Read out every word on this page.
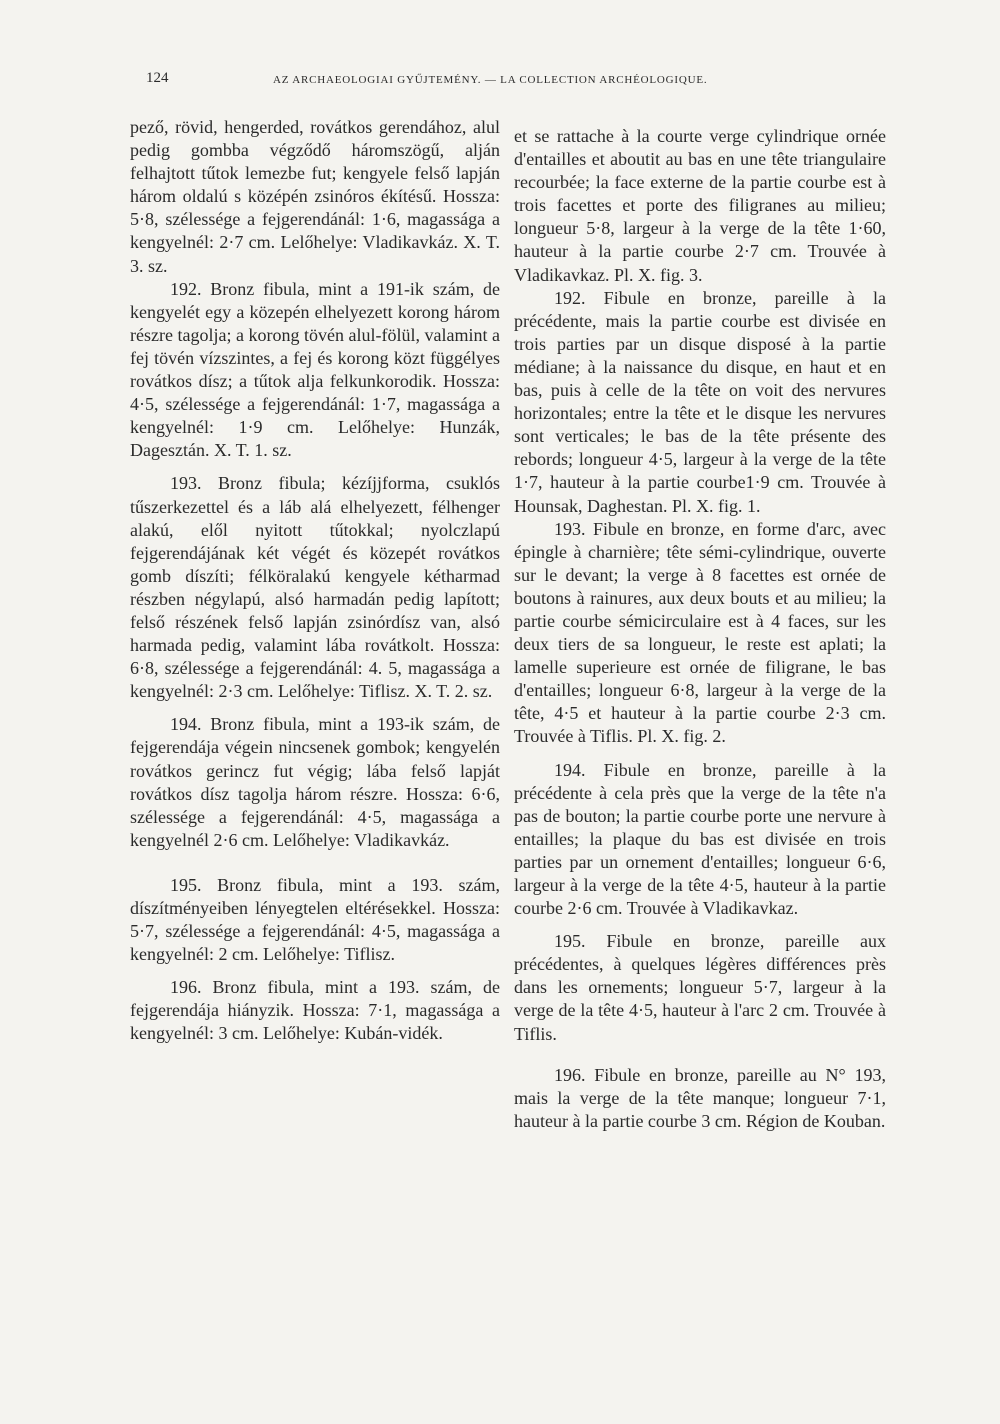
124	AZ ARCHAEOLOGIAI GYŰJTEMÉNY. — LA COLLECTION ARCHÉOLOGIQUE.

pező, rövid, hengerded, rovátkos gerendához, alul pedig gombba végződő háromszögű, alján felhajtott tűtok lemezbe fut; kengyele felső lapján három oldalú s középén zsinóros ékítésű. Hossza: 5·8, szélessége a fejgerendánál: 1·6, magassága a kengyelnél: 2·7 cm. Lelőhelye: Vladikavkáz. X. T. 3. sz.

192. Bronz fibula, mint a 191-ik szám, de kengyelét egy a közepén elhelyezett korong három részre tagolja; a korong tövén alul-fölül, valamint a fej tövén vízszintes, a fej és korong közt függélyes rovátkos dísz; a tűtok alja felkunkorodik. Hossza: 4·5, szélessége a fejgerendánál: 1·7, magassága a kengyelnél: 1·9 cm. Lelőhelye: Hunzák, Dagesztán. X. T. 1. sz.

193. Bronz fibula; kézíjjforma, csuklós tűszerkezettel és a láb alá elhelyezett, félhenger alakú, elől nyitott tűtokkal; nyolczlapú fejgerendájának két végét és közepét rovátkos gomb díszíti; félköralakú kengyele kétharmad részben négylapú, alsó harmadán pedig lapított; felső részének felső lapján zsinórdísz van, alsó harmada pedig, valamint lába rovátkolt. Hossza: 6·8, szélessége a fejgerendánál: 4. 5, magassága a kengyelnél: 2·3 cm. Lelőhelye: Tiflisz. X. T. 2. sz.

194. Bronz fibula, mint a 193-ik szám, de fejgerendája végein nincsenek gombok; kengyelén rovátkos gerincz fut végig; lába felső lapját rovátkos dísz tagolja három részre. Hossza: 6·6, szélessége a fejgerendánál: 4·5, magassága a kengyelnél 2·6 cm. Lelőhelye: Vladikavkáz.

195. Bronz fibula, mint a 193. szám, díszítményeiben lényegtelen eltérésekkel. Hossza: 5·7, szélessége a fejgerendánál: 4·5, magassága a kengyelnél: 2 cm. Lelőhelye: Tiflisz.

196. Bronz fibula, mint a 193. szám, de fejgerendája hiányzik. Hossza: 7·1, magassága a kengyelnél: 3 cm. Lelőhelye: Kubán-vidék.

et se rattache à la courte verge cylindrique ornée d'entailles et aboutit au bas en une tête triangulaire recourbée; la face externe de la partie courbe est à trois facettes et porte des filigranes au milieu; longueur 5·8, largeur à la verge de la tête 1·60, hauteur à la partie courbe 2·7 cm. Trouvée à Vladikavkaz. Pl. X. fig. 3.

192. Fibule en bronze, pareille à la précédente, mais la partie courbe est divisée en trois parties par un disque disposé à la partie médiane; à la naissance du disque, en haut et en bas, puis à celle de la tête on voit des nervures horizontales; entre la tête et le disque les nervures sont verticales; le bas de la tête présente des rebords; longueur 4·5, largeur à la verge de la tête 1·7, hauteur à la partie courbe1·9 cm. Trouvée à Hounsak, Daghestan. Pl. X. fig. 1.

193. Fibule en bronze, en forme d'arc, avec épingle à charnière; tête sémi-cylindrique, ouverte sur le devant; la verge à 8 facettes est ornée de boutons à rainures, aux deux bouts et au milieu; la partie courbe sémicirculaire est à 4 faces, sur les deux tiers de sa longueur, le reste est aplati; la lamelle superieure est ornée de filigrane, le bas d'entailles; longueur 6·8, largeur à la verge de la tête, 4·5 et hauteur à la partie courbe 2·3 cm. Trouvée à Tiflis. Pl. X. fig. 2.

194. Fibule en bronze, pareille à la précédente à cela près que la verge de la tête n'a pas de bouton; la partie courbe porte une nervure à entailles; la plaque du bas est divisée en trois parties par un ornement d'entailles; longueur 6·6, largeur à la verge de la tête 4·5, hauteur à la partie courbe 2·6 cm. Trouvée à Vladikavkaz.

195. Fibule en bronze, pareille aux précédentes, à quelques légères différences près dans les ornements; longueur 5·7, largeur à la verge de la tête 4·5, hauteur à l'arc 2 cm. Trouvée à Tiflis.

196. Fibule en bronze, pareille au N° 193, mais la verge de la tête manque; longueur 7·1, hauteur à la partie courbe 3 cm. Région de Kouban.
